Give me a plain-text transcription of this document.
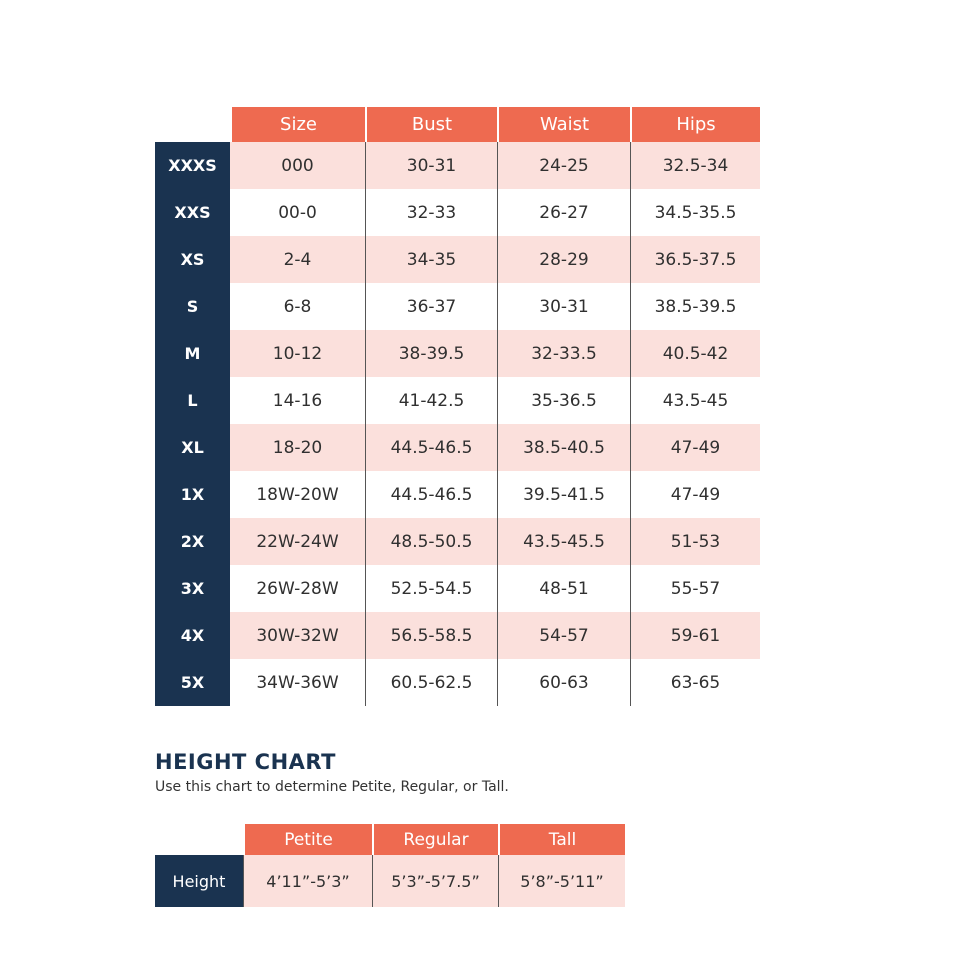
	Size	Bust	Waist	Hips
XXXS	000	30-31	24-25	32.5-34
XXS	00-0	32-33	26-27	34.5-35.5
XS	2-4	34-35	28-29	36.5-37.5
S	6-8	36-37	30-31	38.5-39.5
M	10-12	38-39.5	32-33.5	40.5-42
L	14-16	41-42.5	35-36.5	43.5-45
XL	18-20	44.5-46.5	38.5-40.5	47-49
1X	18W-20W	44.5-46.5	39.5-41.5	47-49
2X	22W-24W	48.5-50.5	43.5-45.5	51-53
3X	26W-28W	52.5-54.5	48-51	55-57
4X	30W-32W	56.5-58.5	54-57	59-61
5X	34W-36W	60.5-62.5	60-63	63-65
HEIGHT CHART
Use this chart to determine Petite, Regular, or Tall.
	Petite	Regular	Tall
Height	4’11”-5’3”	5’3”-5’7.5”	5’8”-5’11”
